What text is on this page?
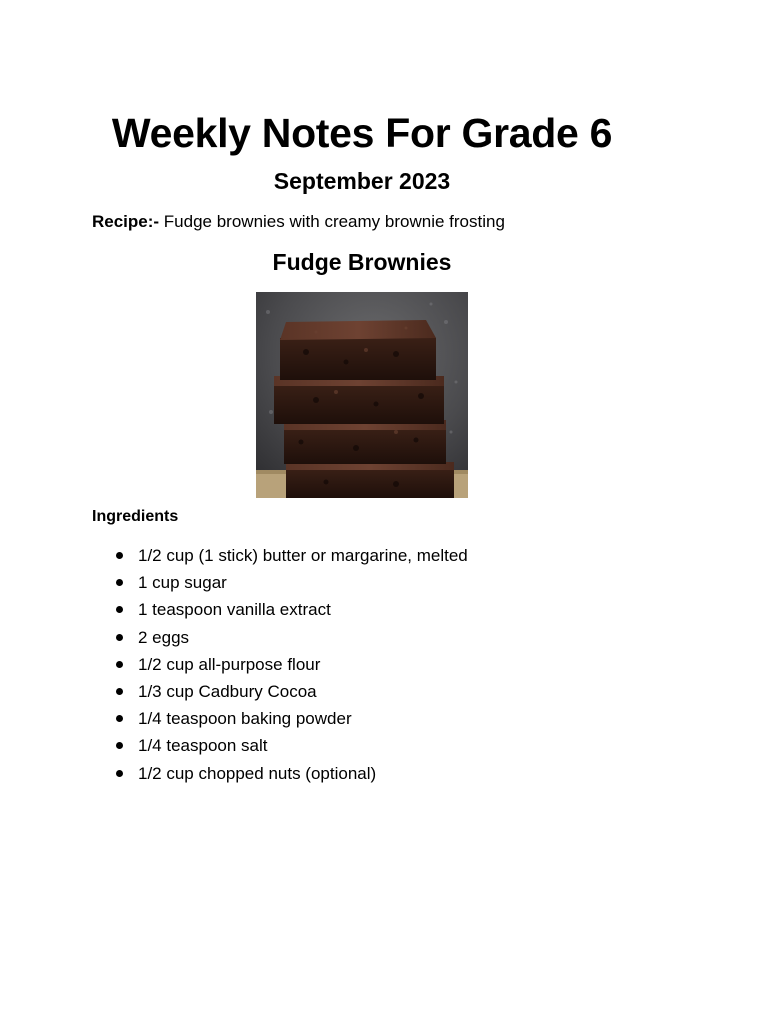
Weekly Notes For Grade 6
September 2023
Recipe:- Fudge brownies with creamy brownie frosting
Fudge Brownies
Ingredients
1/2 cup (1 stick) butter or margarine, melted
1 cup sugar
1 teaspoon vanilla extract
2 eggs
1/2 cup all-purpose flour
1/3 cup Cadbury Cocoa
1/4 teaspoon baking powder
1/4 teaspoon salt
1/2 cup chopped nuts (optional)
